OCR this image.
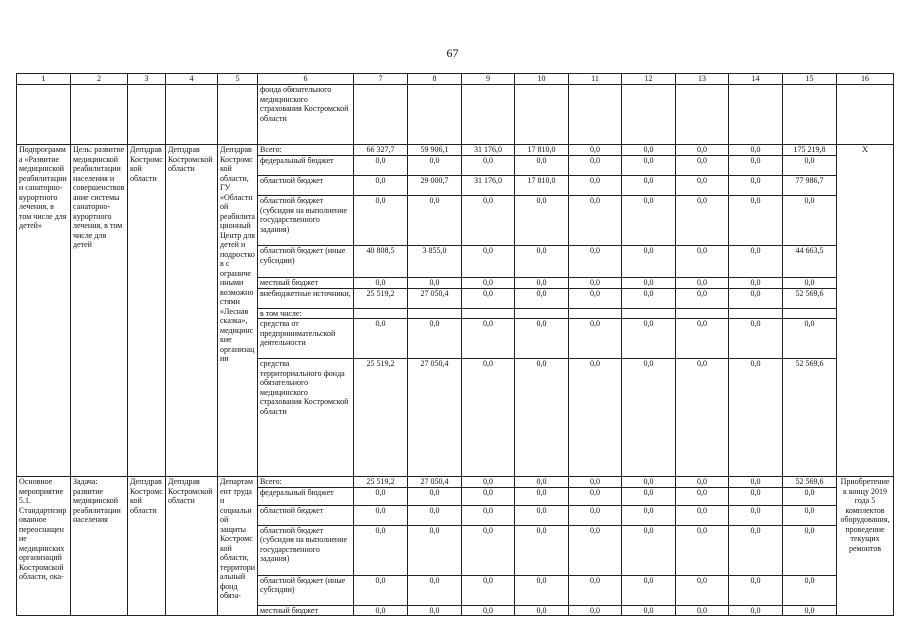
67
1	2	3	4	5	6	7	8	9	10	11	12	13	14	15	16
					фонда обязательного медицинского страхования Костромской области										
Подпрограмма «Развитие медицинской реабилитации и санаторно-курортного лечения, в том числе для детей»	Цель: развитие медицинской реабилитации населения и совершенствование системы санаторно-курортного лечения, в том числе для детей	Депздрав Костромской области	Депздрав Костромской области	Депздрав Костромской области, ГУ «Областной реабилитационный Центр для детей и подростков с ограниченными возможностями «Лесная сказка», медицинские организации	Всего:	66 327,7	59 906,1	31 176,0	17 810,0	0,0	0,0	0,0	0,0	175 219,8	Х
					федеральный бюджет	0,0	0,0	0,0	0,0	0,0	0,0	0,0	0,0	0,0	
					областной бюджет	0,0	29 000,7	31 176,0	17 810,0	0,0	0,0	0,0	0,0	77 986,7	
					областной бюджет (субсидия на выполнение государственного задания)	0,0	0,0	0,0	0,0	0,0	0,0	0,0	0,0	0,0	
					областной бюджет (иные субсидии)	40 808,5	3 855,0	0,0	0,0	0,0	0,0	0,0	0,0	44 663,5	
					местный бюджет	0,0	0,0	0,0	0,0	0,0	0,0	0,0	0,0	0,0	
					внебюджетные источники,	25 519,2	27 050,4	0,0	0,0	0,0	0,0	0,0	0,0	52 569,6	
					в том числе:										
					средства от предпринимательской деятельности	0,0	0,0	0,0	0,0	0,0	0,0	0,0	0,0	0,0	
					средства территориального фонда обязательного медицинского страхования Костромской области	25 519,2	27 050,4	0,0	0,0	0,0	0,0	0,0	0,0	52 569,6	
Основное мероприятие 5.1. Стандартизированное переоснащение медицинских организаций Костромской области, ока-	Задача: развитие медицинской реабилитации населения	Депздрав Костромской области	Депздрав Костромской области	Департамент труда и социальной защиты Костромской области, территориальный фонд обяза-	Всего:	25 519,2	27 050,4	0,0	0,0	0,0	0,0	0,0	0,0	52 569,6	Приобретение к концу 2019 года 5 комплектов оборудования, проведение текущих ремонтов
					федеральный бюджет	0,0	0,0	0,0	0,0	0,0	0,0	0,0	0,0	0,0	
					областной бюджет	0,0	0,0	0,0	0,0	0,0	0,0	0,0	0,0	0,0	
					областной бюджет (субсидия на выполнение государственного задания)	0,0	0,0	0,0	0,0	0,0	0,0	0,0	0,0	0,0	
					областной бюджет (иные субсидии)	0,0	0,0	0,0	0,0	0,0	0,0	0,0	0,0	0,0	
					местный бюджет	0,0	0,0	0,0	0,0	0,0	0,0	0,0	0,0	0,0	
